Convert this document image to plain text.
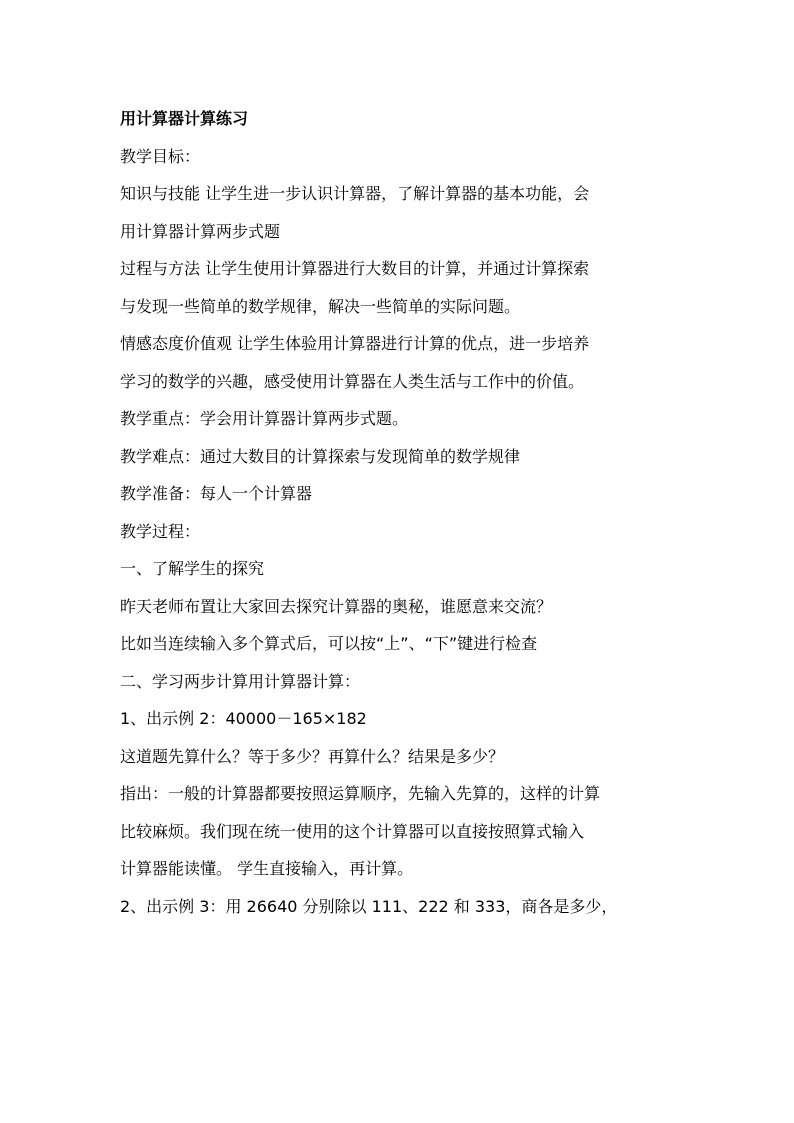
用计算器计算练习
教学目标：
知识与技能 让学生进一步认识计算器，了解计算器的基本功能，会
用计算器计算两步式题
过程与方法 让学生使用计算器进行大数目的计算，并通过计算探索
与发现一些简单的数学规律，解决一些简单的实际问题。
情感态度价值观 让学生体验用计算器进行计算的优点，进一步培养
学习的数学的兴趣，感受使用计算器在人类生活与工作中的价值。
教学重点：学会用计算器计算两步式题。
教学难点：通过大数目的计算探索与发现简单的数学规律
教学准备：每人一个计算器
教学过程：
一、了解学生的探究
昨天老师布置让大家回去探究计算器的奥秘，谁愿意来交流？
比如当连续输入多个算式后，可以按“上”、“下”键进行检查
二、学习两步计算用计算器计算：
1、出示例 2：40000－165×182
这道题先算什么？等于多少？再算什么？结果是多少？
指出：一般的计算器都要按照运算顺序，先输入先算的，这样的计算
比较麻烦。我们现在统一使用的这个计算器可以直接按照算式输入
计算器能读懂。 学生直接输入，再计算。
2、出示例 3：用 26640 分别除以 111、222 和 333，商各是多少，
